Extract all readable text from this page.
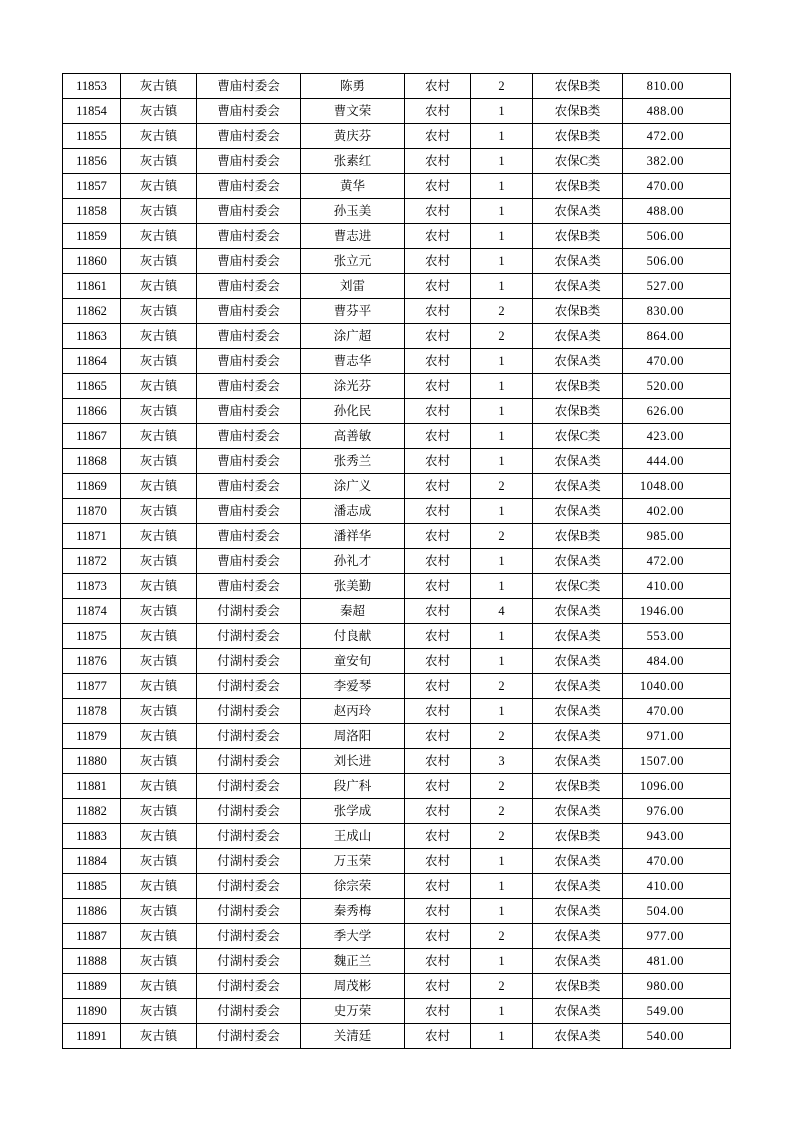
11853	灰古镇	曹庙村委会	陈勇	农村	2	农保B类	810.00
11854	灰古镇	曹庙村委会	曹文荣	农村	1	农保B类	488.00
11855	灰古镇	曹庙村委会	黄庆芬	农村	1	农保B类	472.00
11856	灰古镇	曹庙村委会	张素红	农村	1	农保C类	382.00
11857	灰古镇	曹庙村委会	黄华	农村	1	农保B类	470.00
11858	灰古镇	曹庙村委会	孙玉美	农村	1	农保A类	488.00
11859	灰古镇	曹庙村委会	曹志进	农村	1	农保B类	506.00
11860	灰古镇	曹庙村委会	张立元	农村	1	农保A类	506.00
11861	灰古镇	曹庙村委会	刘雷	农村	1	农保A类	527.00
11862	灰古镇	曹庙村委会	曹芬平	农村	2	农保B类	830.00
11863	灰古镇	曹庙村委会	涂广超	农村	2	农保A类	864.00
11864	灰古镇	曹庙村委会	曹志华	农村	1	农保A类	470.00
11865	灰古镇	曹庙村委会	涂光芬	农村	1	农保B类	520.00
11866	灰古镇	曹庙村委会	孙化民	农村	1	农保B类	626.00
11867	灰古镇	曹庙村委会	高善敏	农村	1	农保C类	423.00
11868	灰古镇	曹庙村委会	张秀兰	农村	1	农保A类	444.00
11869	灰古镇	曹庙村委会	涂广义	农村	2	农保A类	1048.00
11870	灰古镇	曹庙村委会	潘志成	农村	1	农保A类	402.00
11871	灰古镇	曹庙村委会	潘祥华	农村	2	农保B类	985.00
11872	灰古镇	曹庙村委会	孙礼才	农村	1	农保A类	472.00
11873	灰古镇	曹庙村委会	张美勤	农村	1	农保C类	410.00
11874	灰古镇	付湖村委会	秦超	农村	4	农保A类	1946.00
11875	灰古镇	付湖村委会	付良献	农村	1	农保A类	553.00
11876	灰古镇	付湖村委会	童安旬	农村	1	农保A类	484.00
11877	灰古镇	付湖村委会	李爱琴	农村	2	农保A类	1040.00
11878	灰古镇	付湖村委会	赵丙玲	农村	1	农保A类	470.00
11879	灰古镇	付湖村委会	周洛阳	农村	2	农保A类	971.00
11880	灰古镇	付湖村委会	刘长进	农村	3	农保A类	1507.00
11881	灰古镇	付湖村委会	段广科	农村	2	农保B类	1096.00
11882	灰古镇	付湖村委会	张学成	农村	2	农保A类	976.00
11883	灰古镇	付湖村委会	王成山	农村	2	农保B类	943.00
11884	灰古镇	付湖村委会	万玉荣	农村	1	农保A类	470.00
11885	灰古镇	付湖村委会	徐宗荣	农村	1	农保A类	410.00
11886	灰古镇	付湖村委会	秦秀梅	农村	1	农保A类	504.00
11887	灰古镇	付湖村委会	季大学	农村	2	农保A类	977.00
11888	灰古镇	付湖村委会	魏正兰	农村	1	农保A类	481.00
11889	灰古镇	付湖村委会	周茂彬	农村	2	农保B类	980.00
11890	灰古镇	付湖村委会	史万荣	农村	1	农保A类	549.00
11891	灰古镇	付湖村委会	关清廷	农村	1	农保A类	540.00
